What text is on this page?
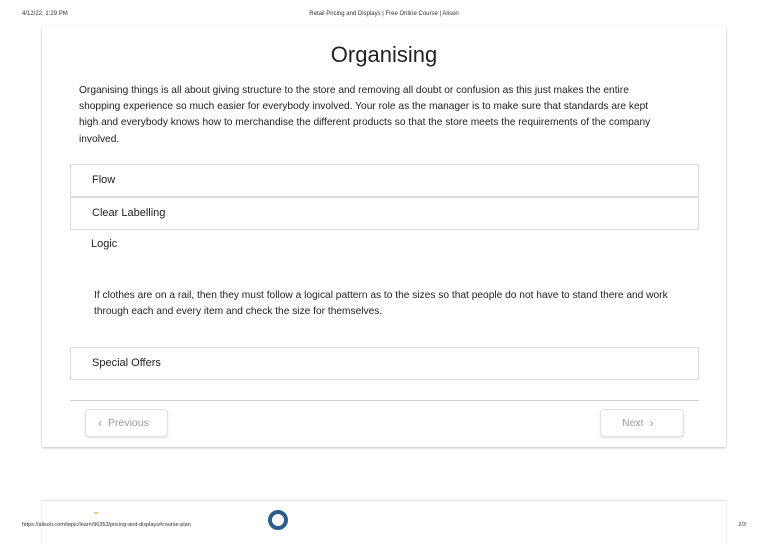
4/12/22, 1:29 PM	Retail Pricing and Displays | Free Online Course | Alison
Organising

Organising things is all about giving structure to the store and removing all doubt or confusion as this just makes the entire shopping experience so much easier for everybody involved. Your role as the manager is to make sure that standards are kept high and everybody knows how to merchandise the different products so that the store meets the requirements of the company involved.

Flow
Clear Labelling
Logic

If clothes are on a rail, then they must follow a logical pattern as to the sizes so that people do not have to stand there and work through each and every item and check the size for themselves.

Special Offers
‹ Previous	Next ›
https://alison.com/topic/learn/96353/pricing-and-displays#course-plan	2/3
